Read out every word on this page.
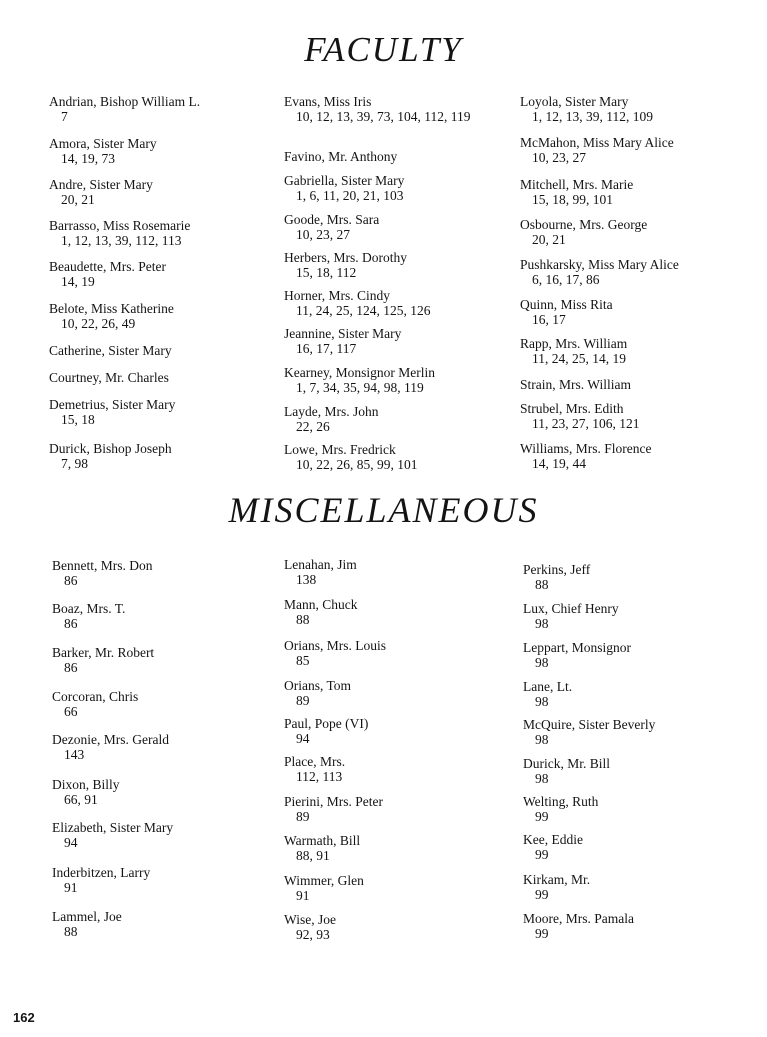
FACULTY
Andrian, Bishop William L.
7
Amora, Sister Mary
14, 19, 73
Andre, Sister Mary
20, 21
Barrasso, Miss Rosemarie
1, 12, 13, 39, 112, 113
Beaudette, Mrs. Peter
14, 19
Belote, Miss Katherine
10, 22, 26, 49
Catherine, Sister Mary
Courtney, Mr. Charles
Demetrius, Sister Mary
15, 18
Durick, Bishop Joseph
7, 98
Evans, Miss Iris
10, 12, 13, 39, 73, 104, 112, 119
Favino, Mr. Anthony
Gabriella, Sister Mary
1, 6, 11, 20, 21, 103
Goode, Mrs. Sara
10, 23, 27
Herbers, Mrs. Dorothy
15, 18, 112
Horner, Mrs. Cindy
11, 24, 25, 124, 125, 126
Jeannine, Sister Mary
16, 17, 117
Kearney, Monsignor Merlin
1, 7, 34, 35, 94, 98, 119
Layde, Mrs. John
22, 26
Lowe, Mrs. Fredrick
10, 22, 26, 85, 99, 101
Loyola, Sister Mary
1, 12, 13, 39, 112, 109
McMahon, Miss Mary Alice
10, 23, 27
Mitchell, Mrs. Marie
15, 18, 99, 101
Osbourne, Mrs. George
20, 21
Pushkarsky, Miss Mary Alice
6, 16, 17, 86
Quinn, Miss Rita
16, 17
Rapp, Mrs. William
11, 24, 25, 14, 19
Strain, Mrs. William
Strubel, Mrs. Edith
11, 23, 27, 106, 121
Williams, Mrs. Florence
14, 19, 44
MISCELLANEOUS
Bennett, Mrs. Don
86
Boaz, Mrs. T.
86
Barker, Mr. Robert
86
Corcoran, Chris
66
Dezonie, Mrs. Gerald
143
Dixon, Billy
66, 91
Elizabeth, Sister Mary
94
Inderbitzen, Larry
91
Lammel, Joe
88
Lenahan, Jim
138
Mann, Chuck
88
Orians, Mrs. Louis
85
Orians, Tom
89
Paul, Pope (VI)
94
Place, Mrs.
112, 113
Pierini, Mrs. Peter
89
Warmath, Bill
88, 91
Wimmer, Glen
91
Wise, Joe
92, 93
Perkins, Jeff
88
Lux, Chief Henry
98
Leppart, Monsignor
98
Lane, Lt.
98
McQuire, Sister Beverly
98
Durick, Mr. Bill
98
Welting, Ruth
99
Kee, Eddie
99
Kirkam, Mr.
99
Moore, Mrs. Pamala
99
162
